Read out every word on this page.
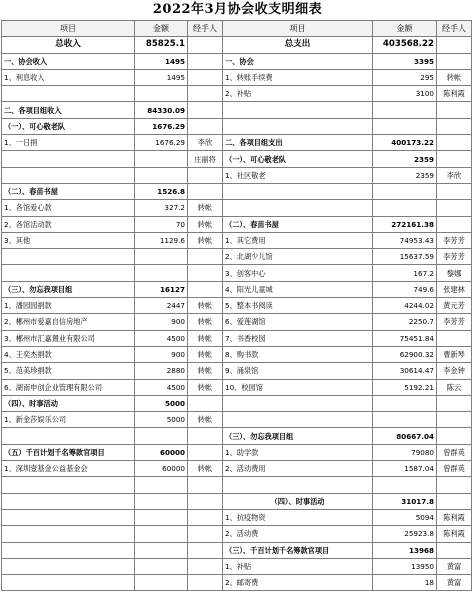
2022年3月协会收支明细表
项目	金额	经手人	项目	金额	经手人
总收入	85825.1		总支出	403568.22	
一、协会收入	1495		一、协会	3395	
1、利息收入	1495		1、转账手续费	295	转帐
			2、补贴	3100	陈利霞
二、各项目组收入	84330.09				
（一）、可心敬老队	1676.29				
1、一日捐	1676.29	李欣	二、各项目组支出	400173.22	
		庄丽将	（一）、可心敬老队	2359	
			1、社区敬老	2359	李欣
（二）、春苗书屋	1526.8				
1、各馆爱心款	327.2	转帐			
2、各馆活动款	70	转帐	（二）、春苗书屋	272161.38	
3、其他	1129.6	转帐	1、其它费用	74953.43	李芳芳
			2、北湖少儿馆	15637.59	李芳芳
			3、创客中心	167.2	黎娜
（三）、勿忘我项目组	16127		4、阳光儿童城	749.6	张建林
1、潘园园捐款	2447	转帐	5、整本书阅读	4244.02	黄元芳
2、郴州市爱嘉自信房地产	900	转帐	6、爱莲湖馆	2250.7	李芳芳
3、郴州市汇嘉置业有限公司	4500	转帐	7、书香校园	75451.84	
4、王奕杰捐款	900	转帐	8、购书款	62900.32	曹新琴
5、范美珍捐款	2880	转帐	9、涌泉馆	30614.47	李金钟
6、湖南申创企业管理有限公司	4500	转帐	10、校园馆	5192.21	陈云
（四）、时事活动	5000				
1、新金莎娱乐公司	5000	转帐			
			（三）、勿忘我项目组	80667.04	
（五）千百计划千名筹款官项目	60000		1、助学款	79080	曾群英
1、深圳壹基金公益基金会	60000	转帐	2、活动费用	1587.04	曾群英

			（四）、时事活动	31017.8	
			1、抗疫物资	5094	陈利霞
			2、活动费	25923.8	陈利霞
			（三）、千百计划千名筹款官项目	13968	
			1、补贴	13950	黄富
			2、邮寄费	18	黄富
